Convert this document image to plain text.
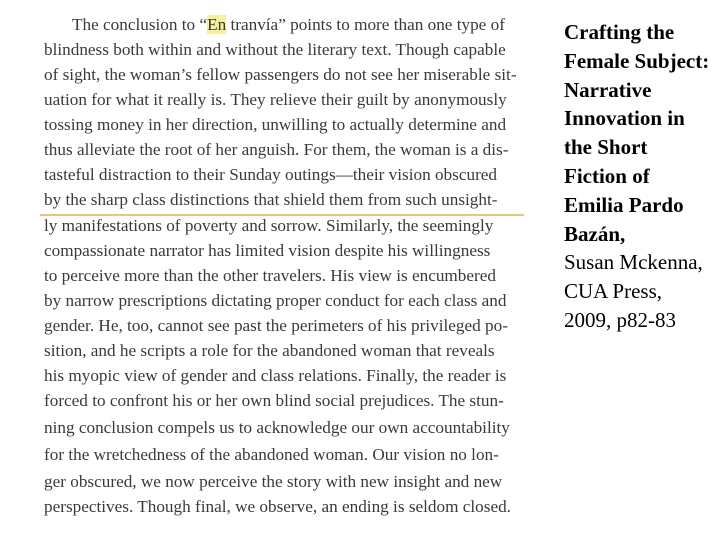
The conclusion to “En tranvía” points to more than one type of
blindness both within and without the literary text. Though capable
of sight, the woman’s fellow passengers do not see her miserable sit-
uation for what it really is. They relieve their guilt by anonymously
tossing money in her direction, unwilling to actually determine and
thus alleviate the root of her anguish. For them, the woman is a dis-
tasteful distraction to their Sunday outings—their vision obscured
by the sharp class distinctions that shield them from such unsight-
ly manifestations of poverty and sorrow. Similarly, the seemingly
compassionate narrator has limited vision despite his willingness
to perceive more than the other travelers. His view is encumbered
by narrow prescriptions dictating proper conduct for each class and
gender. He, too, cannot see past the perimeters of his privileged po-
sition, and he scripts a role for the abandoned woman that reveals
his myopic view of gender and class relations. Finally, the reader is
forced to confront his or her own blind social prejudices. The stun-
ning conclusion compels us to acknowledge our own accountability
for the wretchedness of the abandoned woman. Our vision no lon-
ger obscured, we now perceive the story with new insight and new
perspectives. Though final, we observe, an ending is seldom closed.
Crafting the Female Subject: Narrative Innovation in the Short Fiction of Emilia Pardo Bazán,
Susan Mckenna, CUA Press, 2009, p82-83
